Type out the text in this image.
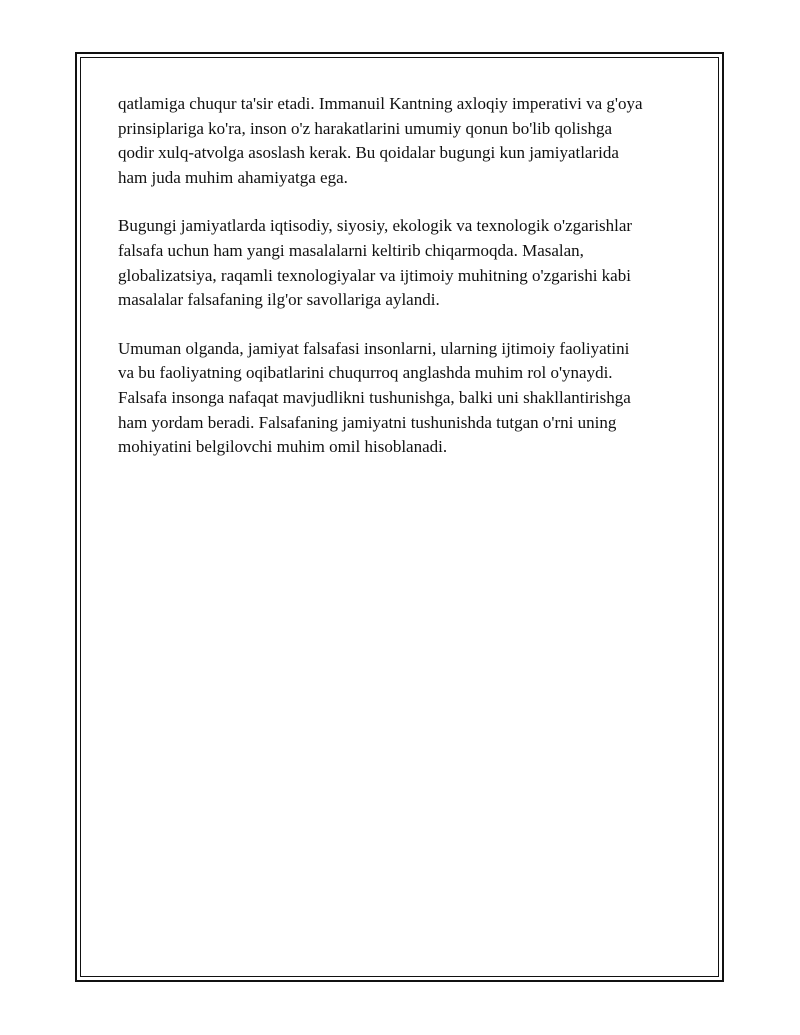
qatlamiga chuqur ta'sir etadi. Immanuil Kantning axloqiy imperativi va g'oya
prinsiplariga ko'ra, inson o'z harakatlarini umumiy qonun bo'lib qolishga
qodir xulq-atvolga asoslash kerak. Bu qoidalar bugungi kun jamiyatlarida
ham juda muhim ahamiyatga ega.

Bugungi jamiyatlarda iqtisodiy, siyosiy, ekologik va texnologik o'zgarishlar
falsafa uchun ham yangi masalalarni keltirib chiqarmoqda. Masalan,
globalizatsiya, raqamli texnologiyalar va ijtimoiy muhitning o'zgarishi kabi
masalalar falsafaning ilg'or savollariga aylandi.

Umuman olganda, jamiyat falsafasi insonlarni, ularning ijtimoiy faoliyatini
va bu faoliyatning oqibatlarini chuqurroq anglashda muhim rol o'ynaydi.
Falsafa insonga nafaqat mavjudlikni tushunishga, balki uni shakllantirishga
ham yordam beradi. Falsafaning jamiyatni tushunishda tutgan o'rni uning
mohiyatini belgilovchi muhim omil hisoblanadi.
